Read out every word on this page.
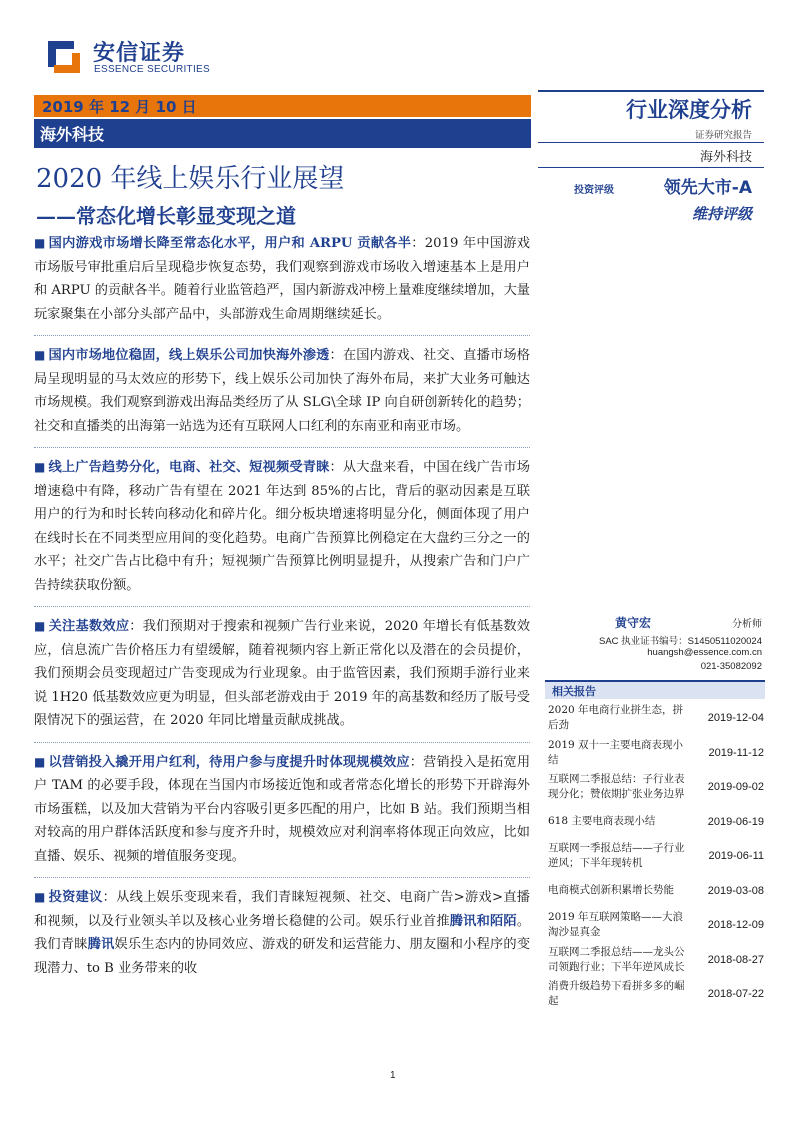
安信证券
ESSENCE SECURITIES
2019 年 12 月 10 日
海外科技
行业深度分析
证券研究报告
海外科技
投资评级	领先大市-A
维持评级
2020 年线上娱乐行业展望
——常态化增长彰显变现之道

■ 国内游戏市场增长降至常态化水平，用户和 ARPU 贡献各半：2019 年中国游戏市场版号审批重启后呈现稳步恢复态势，我们观察到游戏市场收入增速基本上是用户和 ARPU 的贡献各半。随着行业监管趋严，国内新游戏冲榜上量难度继续增加，大量玩家聚集在小部分头部产品中，头部游戏生命周期继续延长。

■ 国内市场地位稳固，线上娱乐公司加快海外渗透：在国内游戏、社交、直播市场格局呈现明显的马太效应的形势下，线上娱乐公司加快了海外布局，来扩大业务可触达市场规模。我们观察到游戏出海品类经历了从 SLG\全球 IP 向自研创新转化的趋势；社交和直播类的出海第一站选为还有互联网人口红利的东南亚和南亚市场。

■ 线上广告趋势分化，电商、社交、短视频受青睐：从大盘来看，中国在线广告市场增速稳中有降，移动广告有望在 2021 年达到 85%的占比，背后的驱动因素是互联用户的行为和时长转向移动化和碎片化。细分板块增速将明显分化，侧面体现了用户在线时长在不同类型应用间的变化趋势。电商广告预算比例稳定在大盘约三分之一的水平；社交广告占比稳中有升；短视频广告预算比例明显提升，从搜索广告和门户广告持续获取份额。

■ 关注基数效应：我们预期对于搜索和视频广告行业来说，2020 年增长有低基数效应，信息流广告价格压力有望缓解，随着视频内容上新正常化以及潜在的会员提价，我们预期会员变现超过广告变现成为行业现象。由于监管因素，我们预期手游行业来说 1H20 低基数效应更为明显，但头部老游戏由于 2019 年的高基数和经历了版号受限情况下的强运营，在 2020 年同比增量贡献成挑战。

■ 以营销投入撬开用户红利，待用户参与度提升时体现规模效应：营销投入是拓宽用户 TAM 的必要手段，体现在当国内市场接近饱和或者常态化增长的形势下开辟海外市场蛋糕，以及加大营销为平台内容吸引更多匹配的用户，比如 B 站。我们预期当相对较高的用户群体活跃度和参与度齐升时，规模效应对利润率将体现正向效应，比如直播、娱乐、视频的增值服务变现。

■ 投资建议：从线上娱乐变现来看，我们青睐短视频、社交、电商广告>游戏>直播和视频，以及行业领头羊以及核心业务增长稳健的公司。娱乐行业首推腾讯和陌陌。我们青睐腾讯娱乐生态内的协同效应、游戏的研发和运营能力、朋友圈和小程序的变现潜力、to B 业务带来的收

黄守宏	分析师
SAC 执业证书编号：S1450511020024
huangsh@essence.com.cn
021-35082092
相关报告
2020 年电商行业拼生态，拼后劲
2019-12-04
2019 双十一主要电商表现小结
2019-11-12
互联网二季报总结：子行业表现分化；赞依期扩张业务边界
2019-09-02
618 主要电商表现小结	2019-06-19
互联网一季报总结——子行业逆风；下半年现转机
2019-06-11
电商模式创新积累增长势能	2019-03-08
2019 年互联网策略——大浪淘沙显真金
2018-12-09
互联网二季报总结——龙头公司领跑行业；下半年逆风成长
2018-08-27
消费升级趋势下看拼多多的崛起
2018-07-22
1
